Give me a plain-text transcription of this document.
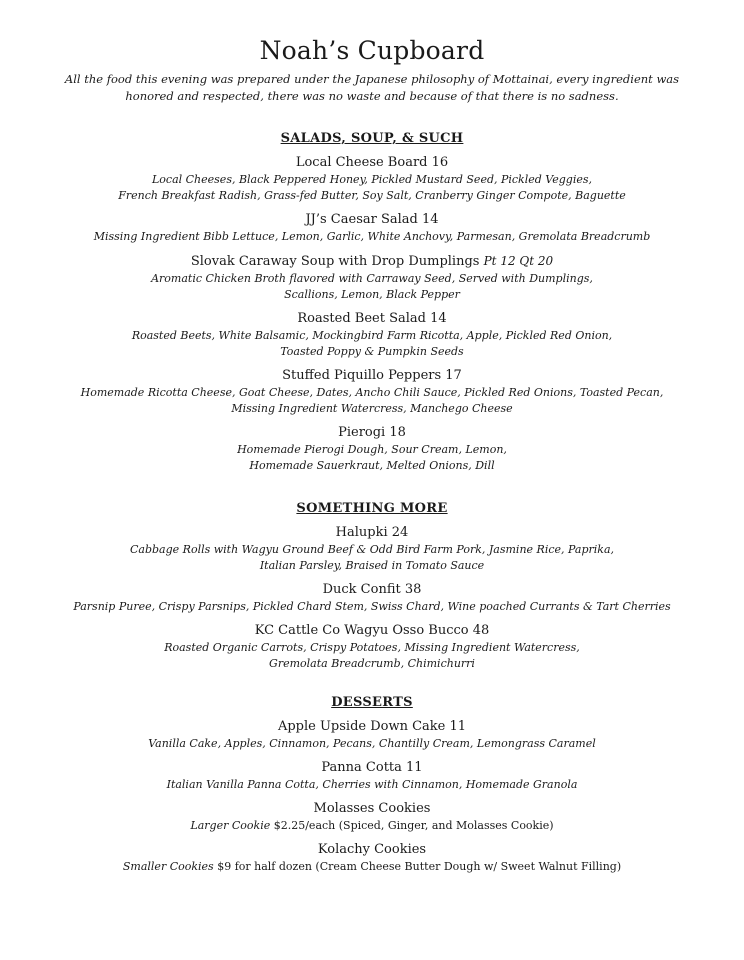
Noah’s Cupboard
All the food this evening was prepared under the Japanese philosophy of Mottainai, every ingredient was
honored and respected, there was no waste and because of that there is no sadness.
SALADS, SOUP, & SUCH
Local Cheese Board 16
Local Cheeses, Black Peppered Honey, Pickled Mustard Seed, Pickled Veggies,
French Breakfast Radish, Grass-fed Butter, Soy Salt, Cranberry Ginger Compote, Baguette
JJ’s Caesar Salad 14
Missing Ingredient Bibb Lettuce, Lemon, Garlic, White Anchovy, Parmesan, Gremolata Breadcrumb
Slovak Caraway Soup with Drop Dumplings Pt 12 Qt 20
Aromatic Chicken Broth flavored with Carraway Seed, Served with Dumplings,
Scallions, Lemon, Black Pepper
Roasted Beet Salad 14
Roasted Beets, White Balsamic, Mockingbird Farm Ricotta, Apple, Pickled Red Onion,
Toasted Poppy & Pumpkin Seeds
Stuffed Piquillo Peppers 17
Homemade Ricotta Cheese, Goat Cheese, Dates, Ancho Chili Sauce, Pickled Red Onions, Toasted Pecan,
Missing Ingredient Watercress, Manchego Cheese
Pierogi 18
Homemade Pierogi Dough, Sour Cream, Lemon,
Homemade Sauerkraut, Melted Onions, Dill
SOMETHING MORE
Halupki 24
Cabbage Rolls with Wagyu Ground Beef & Odd Bird Farm Pork, Jasmine Rice, Paprika,
Italian Parsley, Braised in Tomato Sauce
Duck Confit 38
Parsnip Puree, Crispy Parsnips, Pickled Chard Stem, Swiss Chard, Wine poached Currants & Tart Cherries
KC Cattle Co Wagyu Osso Bucco 48
Roasted Organic Carrots, Crispy Potatoes, Missing Ingredient Watercress,
Gremolata Breadcrumb, Chimichurri
DESSERTS
Apple Upside Down Cake 11
Vanilla Cake, Apples, Cinnamon, Pecans, Chantilly Cream, Lemongrass Caramel
Panna Cotta 11
Italian Vanilla Panna Cotta, Cherries with Cinnamon, Homemade Granola
Molasses Cookies
Larger Cookie $2.25/each (Spiced, Ginger, and Molasses Cookie)
Kolachy Cookies
Smaller Cookies $9 for half dozen (Cream Cheese Butter Dough w/ Sweet Walnut Filling)
